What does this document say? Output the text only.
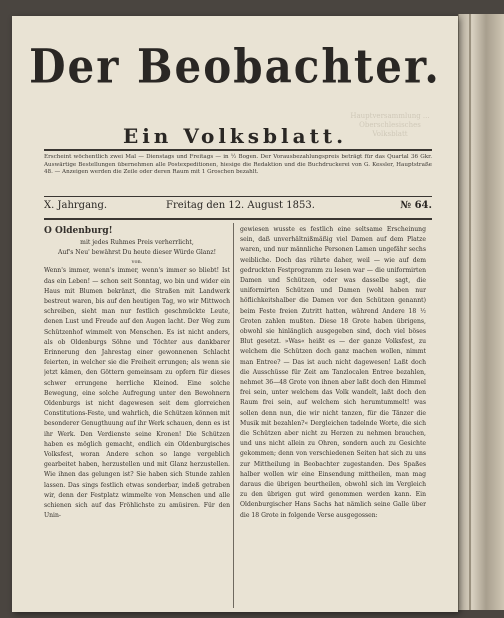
Hauptversammlung ... Oberschlesisches Volksblatt
Der Beobachter.
Ein Volksblatt.
Erscheint wöchentlich zwei Mal — Dienstags und Freitags — in ½ Bogen. Der Vorausbezahlungspreis beträgt für das Quartal 36 Gkr. Auswärtige Bestellungen übernehmen alle Postexpeditionen, hiesige die Redaktion und die Buchdruckerei von G. Kessler, Hauptstraße 48. — Anzeigen werden die Zeile oder deren Raum mit 1 Groschen bezahlt.
X. Jahrgang.	Freitag den 12. August 1853.	№ 64.
O Oldenburg!
mit jedes Ruhmes Preis verherrlicht,
Auf's Neu' bewährst Du heute dieser Würde Glanz!
von.
Wenn's immer, wenn's immer, wenn's immer so bliebt! Ist das ein Leben! — schon seit Sonntag, wo bin und wider ein Haus mit Blumen bekränzt, die Straßen mit Landwerk bestreut waren, bis auf den heutigen Tag, wo wir Mittwoch schreiben, sieht man nur festlich geschmückte Leute, denen Lust und Freude auf den Augen lacht. Der Weg zum Schützenhof wimmelt von Menschen. Es ist nicht anders, als ob Oldenburgs Söhne und Töchter aus dankbarer Erinnerung den Jahrestag einer gewonnenen Schlacht feierten, in welcher sie die Freiheit errungen; als wenn sie jetzt kämen, den Göttern gemeinsam zu opfern für dieses schwer errungene herrliche Kleinod. Eine solche Bewegung, eine solche Aufregung unter den Bewohnern Oldenburgs ist nicht dagewesen seit dem glorreichen Constitutions-Feste, und wahrlich, die Schützen können mit besonderer Genugthuung auf ihr Werk schauen, denn es ist ihr Werk. Den Verdienste seine Kronen! Die Schützen haben es möglich gemacht, endlich ein Oldenburgisches Volksfest, woran Andere schon so lange vergeblich gearbeitet haben, herzustellen und mit Glanz herzustellen. Wie ihnen das gelungen ist? Sie haben sich Stunde zahlen lassen. Das sings festlich etwas sonderbar, indeß getraben wir, denn der Festplatz wimmelte von Menschen und alle schienen sich auf das Fröhlichste zu amüsiren. Für den Unin-
gewiesen wusste es festlich eine seltsame Erscheinung sein, daß unverhältnißmäßig viel Damen auf dem Platze waren, und nur männliche Personen Lamen ungefähr sechs weibliche. Doch das rührte daher, weil — wie auf dem gedruckten Festprogramm zu lesen war — die uniformirten Damen und Schützen, oder was dasselbe sagt, die uniformirten Schützen und Damen (wohl haben nur höflichkeitshalber die Damen vor den Schützen genannt) beim Feste freien Zutritt hatten, während Andere 18 ½ Groten zahlen mußten. Diese 18 Grote haben übrigens, obwohl sie hinlänglich ausgegeben sind, doch viel böses Blut gesetzt. »Was« heißt es — der ganze Volksfest, zu welchem die Schützen doch ganz machen wollen, nimmt man Entree? — Das ist auch nicht dagewesen! Laßt doch die Ausschüsse für Zeit am Tanzlocalen Entree bezahlen, nehmet 36—48 Grote von ihnen aber laßt doch den Himmel frei sein, unter welchem das Volk wandelt, laßt doch den Raum frei sein, auf welchem sich herumtummelt! was sollen denn nun, die wir nicht tanzen, für die Tänzer die Musik mit bezahlen?« Dergleichen tadelnde Worte, die sich die Schützen aber nicht zu Herzen zu nehmen brauchen, und uns nicht allein zu Ohren, sondern auch zu Gesichte gekommen; denn von verschiedenen Seiten hat sich zu uns zur Mittheilung in Beobachter zugestanden. Des Spaßes halber wollen wir eine Einsendung mittheilen, man mag daraus die übrigen beurtheilen, obwohl sich im Vergleich zu den übrigen gut wird genommen werden kann. Ein Oldenburgischer Hans Sachs hat nämlich seine Galle über die 18 Grote in folgende Verse ausgegossen:
